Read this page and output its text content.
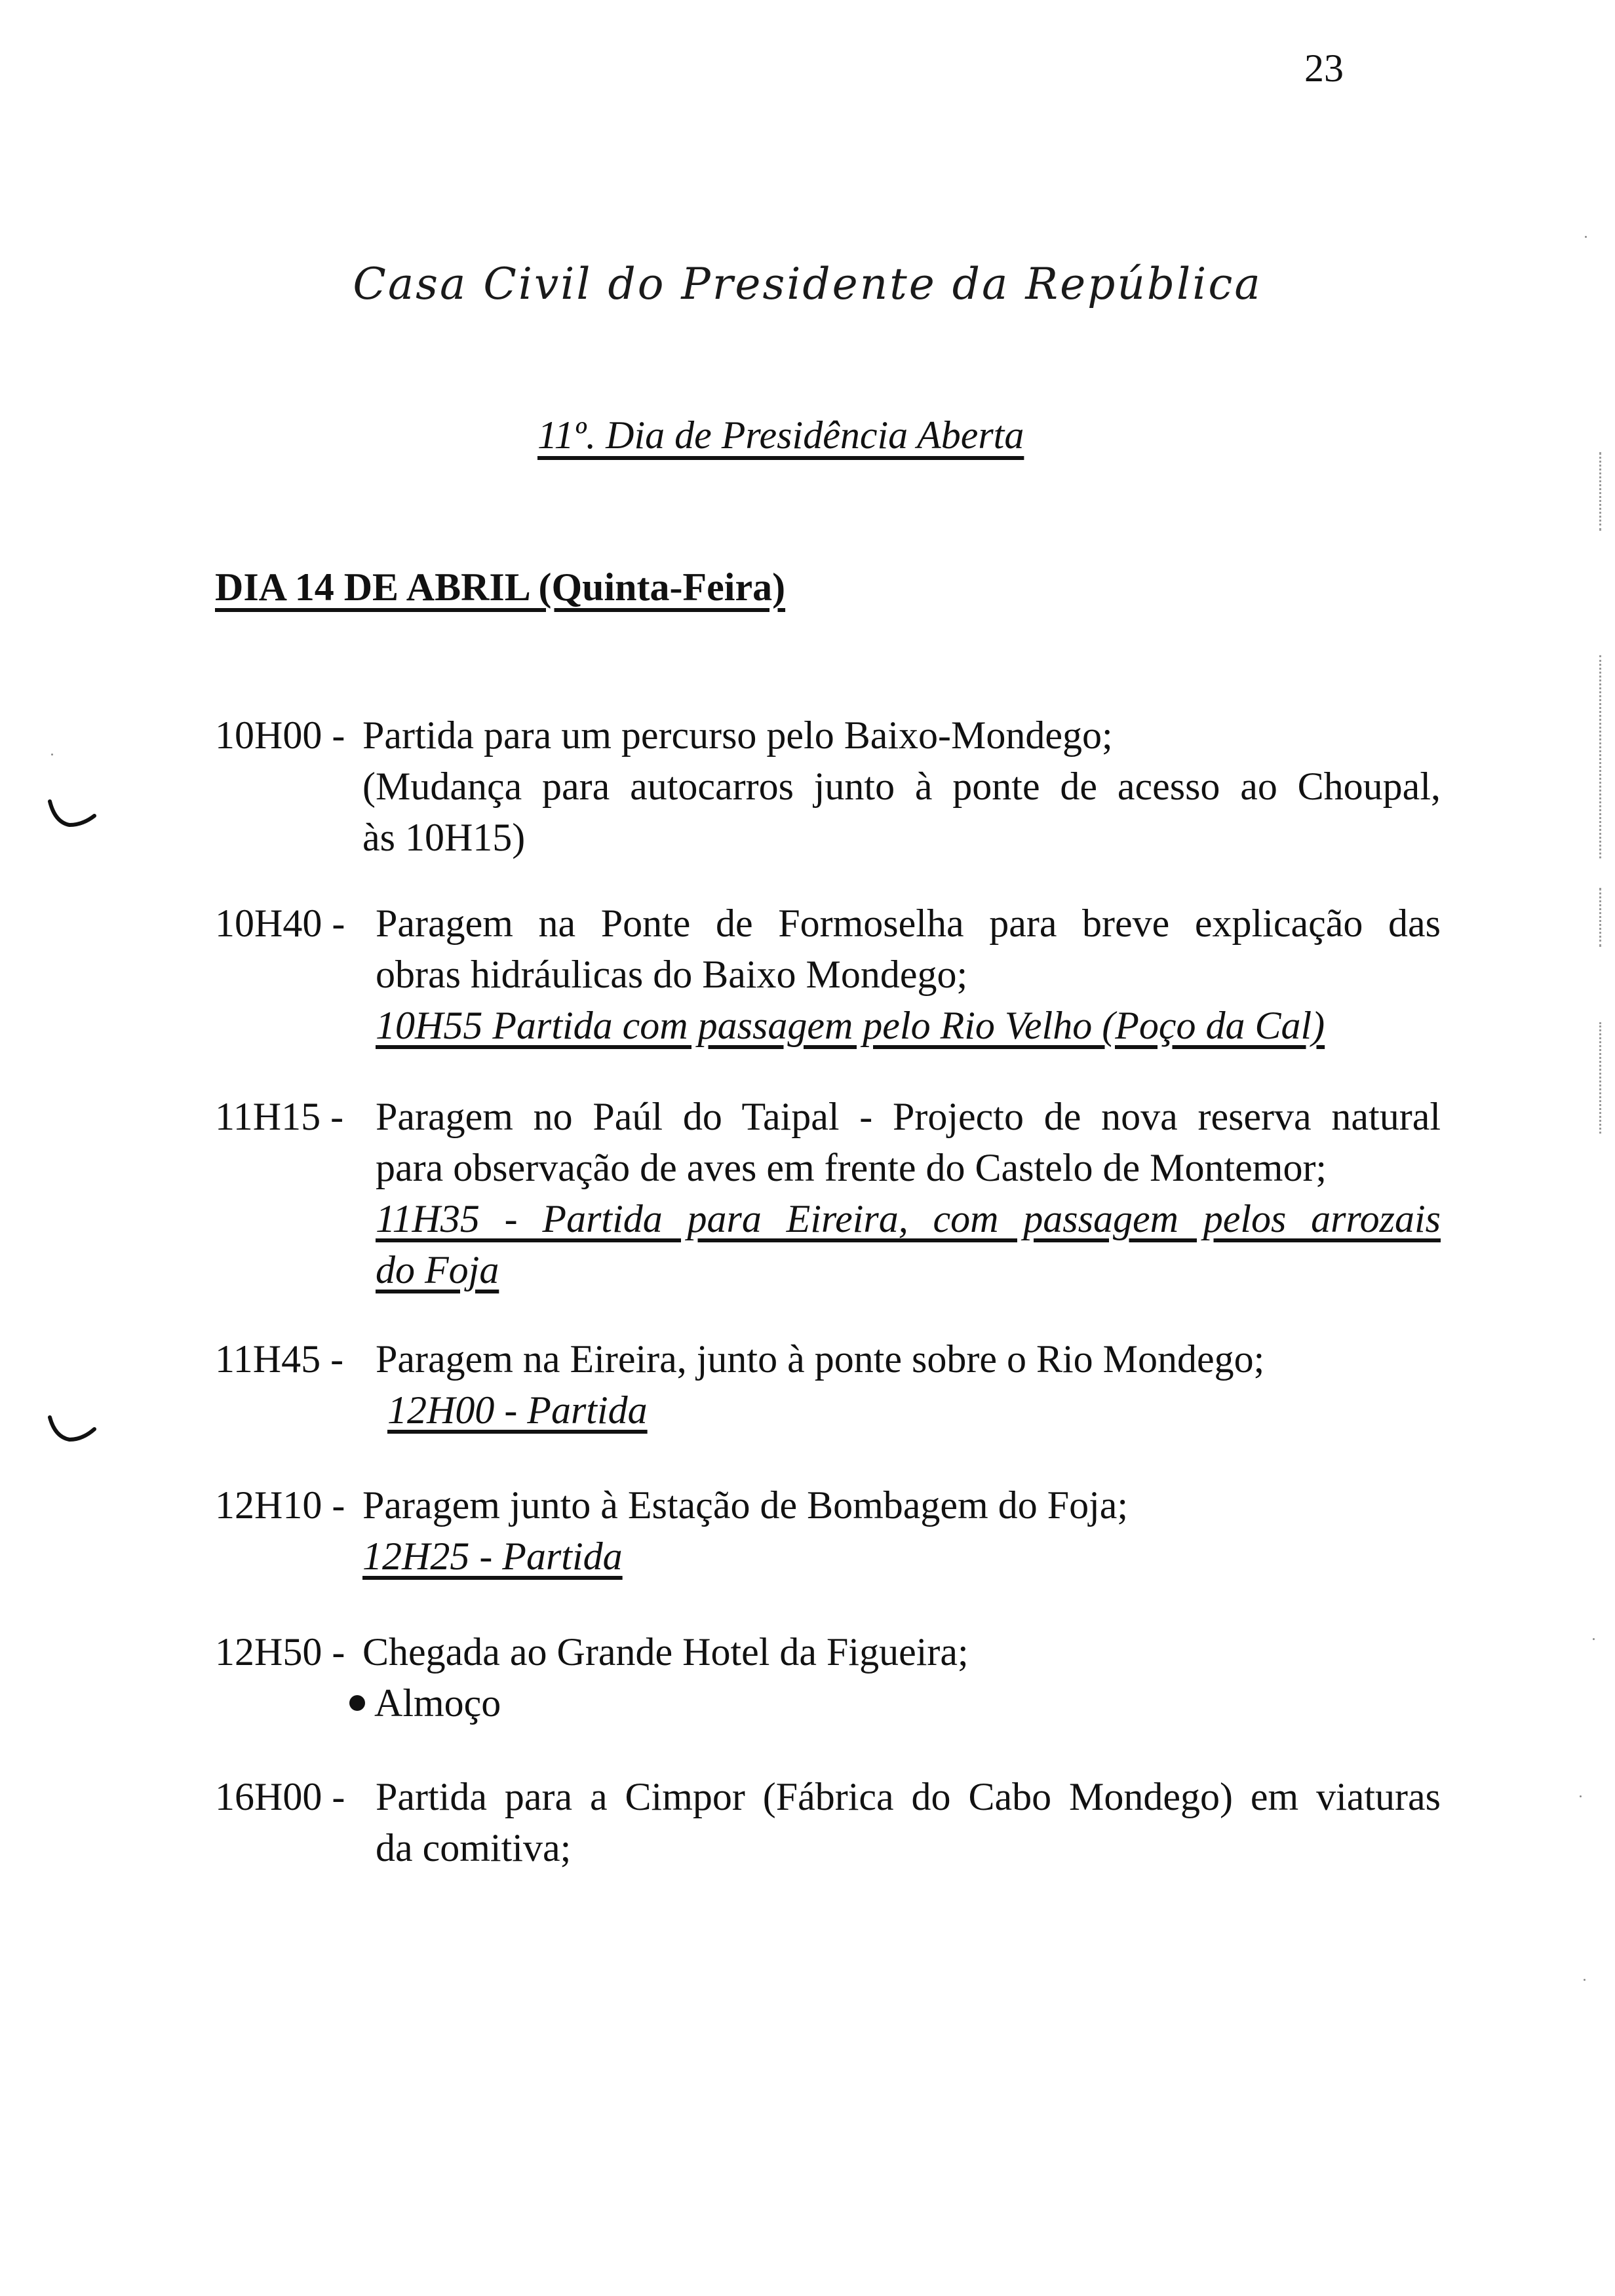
23
Casa Civil do Presidente da República
11º. Dia de Presidência Aberta
DIA 14 DE ABRIL (Quinta-Feira)
10H00 - Partida para um percurso pelo Baixo-Mondego;
(Mudança para autocarros junto à ponte de acesso ao Choupal,
às 10H15)
10H40 - Paragem na Ponte de Formoselha para breve explicação das
obras hidráulicas do Baixo Mondego;
10H55 Partida com passagem pelo Rio Velho (Poço da Cal)
11H15 - Paragem no Paúl do Taipal - Projecto de nova reserva natural
para observação de aves em frente do Castelo de Montemor;
11H35 - Partida para Eireira, com passagem pelos arrozais
do Foja
11H45 - Paragem na Eireira, junto à ponte sobre o Rio Mondego;
12H00 - Partida
12H10 - Paragem junto à Estação de Bombagem do Foja;
12H25 - Partida
12H50 - Chegada ao Grande Hotel da Figueira;
Almoço
16H00 - Partida para a Cimpor (Fábrica do Cabo Mondego) em viaturas
da comitiva;
